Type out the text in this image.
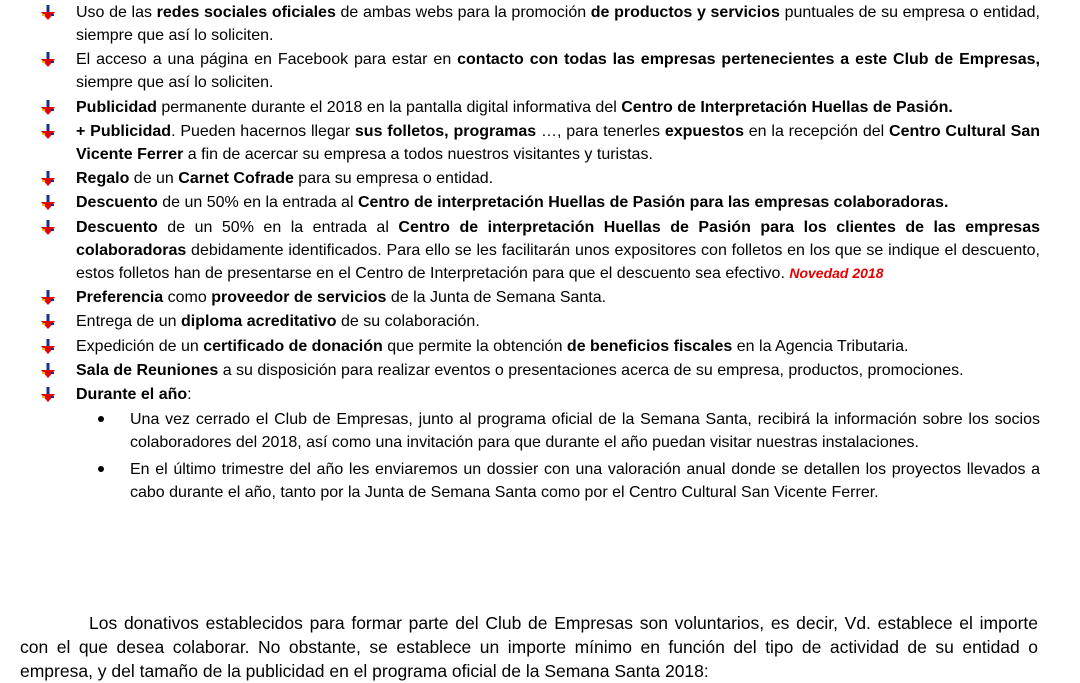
Uso de las redes sociales oficiales de ambas webs para la promoción de productos y servicios puntuales de su empresa o entidad, siempre que así lo soliciten.
El acceso a una página en Facebook para estar en contacto con todas las empresas pertenecientes a este Club de Empresas, siempre que así lo soliciten.
Publicidad permanente durante el 2018 en la pantalla digital informativa del Centro de Interpretación Huellas de Pasión.
+ Publicidad. Pueden hacernos llegar sus folletos, programas …, para tenerles expuestos en la recepción del Centro Cultural San Vicente Ferrer a fin de acercar su empresa a todos nuestros visitantes y turistas.
Regalo de un Carnet Cofrade para su empresa o entidad.
Descuento de un 50% en la entrada al Centro de interpretación Huellas de Pasión para las empresas colaboradoras.
Descuento de un 50% en la entrada al Centro de interpretación Huellas de Pasión para los clientes de las empresas colaboradoras debidamente identificados. Para ello se les facilitarán unos expositores con folletos en los que se indique el descuento, estos folletos han de presentarse en el Centro de Interpretación para que el descuento sea efectivo. Novedad 2018
Preferencia como proveedor de servicios de la Junta de Semana Santa.
Entrega de un diploma acreditativo de su colaboración.
Expedición de un certificado de donación que permite la obtención de beneficios fiscales en la Agencia Tributaria.
Sala de Reuniones a su disposición para realizar eventos o presentaciones acerca de su empresa, productos, promociones.
Durante el año:
Una vez cerrado el Club de Empresas, junto al programa oficial de la Semana Santa, recibirá la información sobre los socios colaboradores del 2018, así como una invitación para que durante el año puedan visitar nuestras instalaciones.
En el último trimestre del año les enviaremos un dossier con una valoración anual donde se detallen los proyectos llevados a cabo durante el año, tanto por la Junta de Semana Santa como por el Centro Cultural San Vicente Ferrer.

Los donativos establecidos para formar parte del Club de Empresas son voluntarios, es decir, Vd. establece el importe con el que desea colaborar. No obstante, se establece un importe mínimo en función del tipo de actividad de su entidad o empresa, y del tamaño de la publicidad en el programa oficial de la Semana Santa 2018:
